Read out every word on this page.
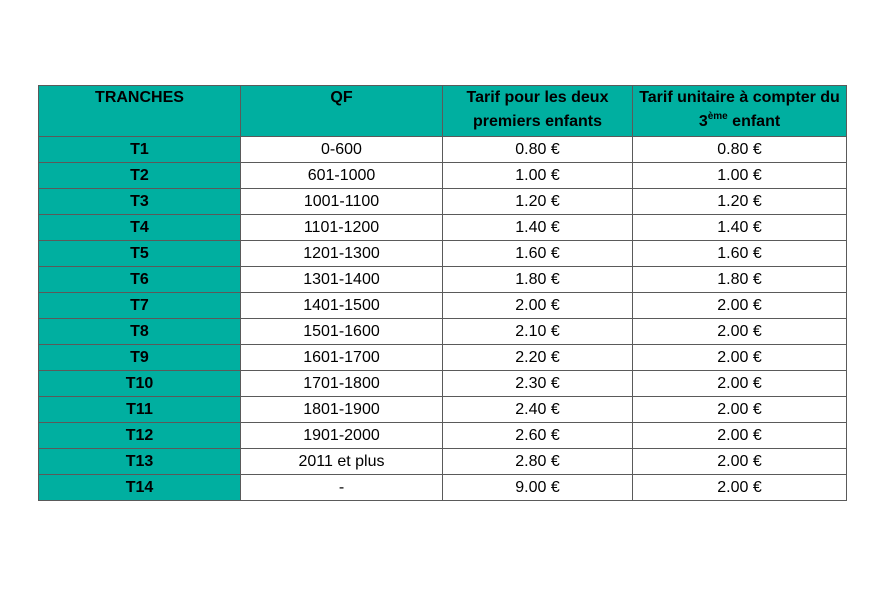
TRANCHES	QF	Tarif pour les deux premiers enfants	Tarif unitaire à compter du 3ème enfant
T1	0-600	0.80 €	0.80 €
T2	601-1000	1.00 €	1.00 €
T3	1001-1100	1.20 €	1.20 €
T4	1101-1200	1.40 €	1.40 €
T5	1201-1300	1.60 €	1.60 €
T6	1301-1400	1.80 €	1.80 €
T7	1401-1500	2.00 €	2.00 €
T8	1501-1600	2.10 €	2.00 €
T9	1601-1700	2.20 €	2.00 €
T10	1701-1800	2.30 €	2.00 €
T11	1801-1900	2.40 €	2.00 €
T12	1901-2000	2.60 €	2.00 €
T13	2011 et plus	2.80 €	2.00 €
T14	-	9.00 €	2.00 €
